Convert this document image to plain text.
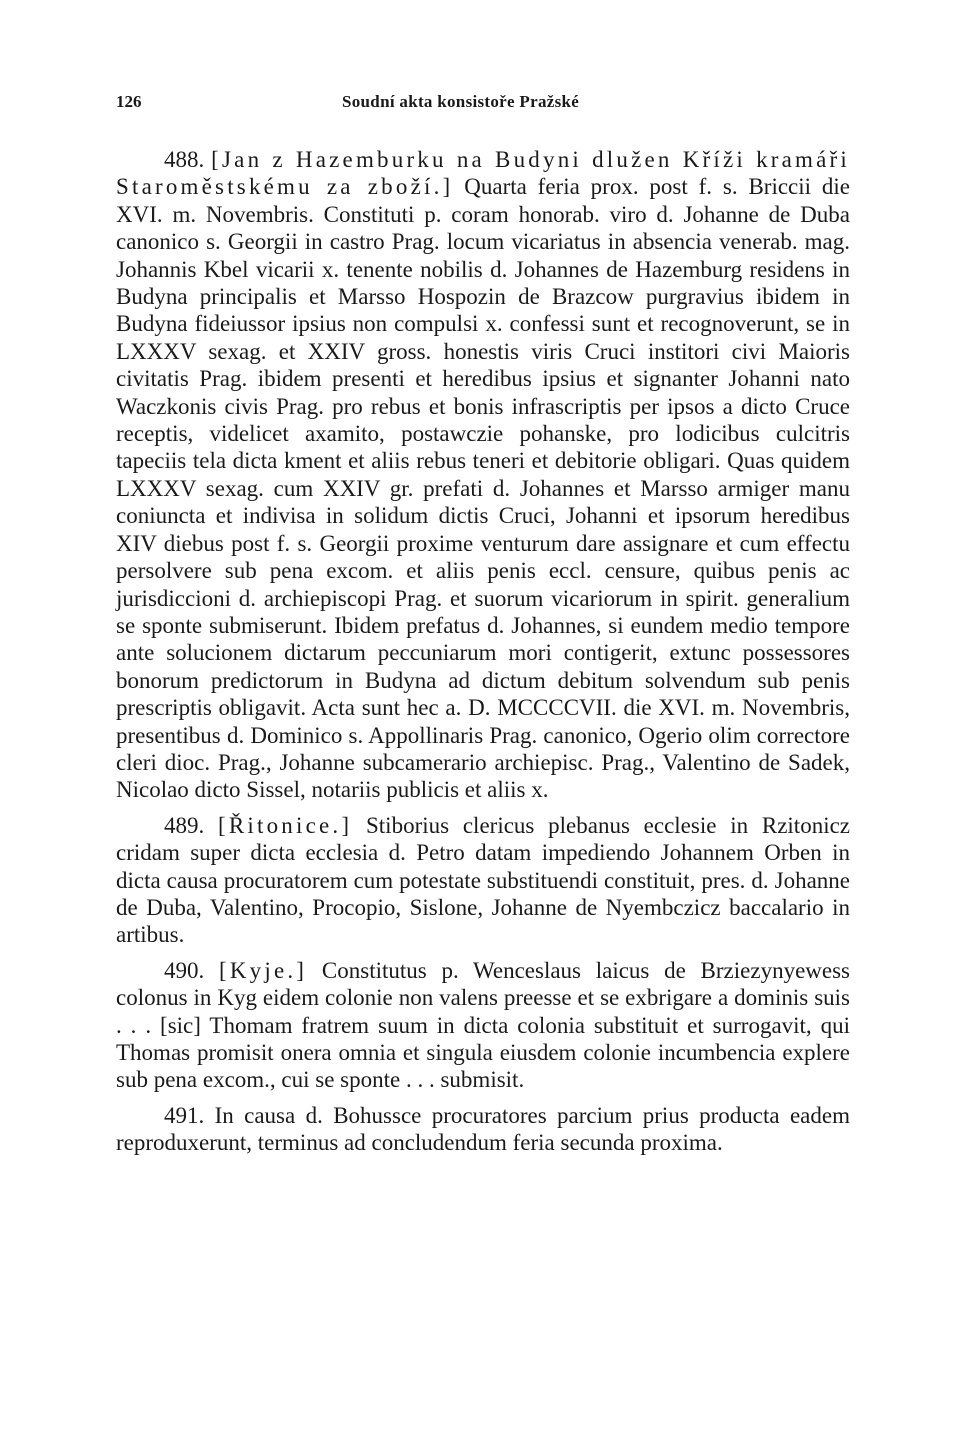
126	Soudní akta konsistoře Pražské

488. [Jan z Hazemburku na Budyni dlužen Kříži kramáři Staroměstskému za zboží.] Quarta feria prox. post f. s. Briccii die XVI. m. Novembris. Constituti p. coram honorab. viro d. Johanne de Duba canonico s. Georgii in castro Prag. locum vicariatus in absencia venerab. mag. Johannis Kbel vicarii x. tenente nobilis d. Johannes de Hazemburg residens in Budyna principalis et Marsso Hospozin de Brazcow purgravius ibidem in Budyna fideiussor ipsius non compulsi x. confessi sunt et recognoverunt, se in LXXXV sexag. et XXIV gross. honestis viris Cruci institori civi Maioris civitatis Prag. ibidem presenti et heredibus ipsius et signanter Johanni nato Waczkonis civis Prag. pro rebus et bonis infrascriptis per ipsos a dicto Cruce receptis, videlicet axamito, postawczie pohanske, pro lodicibus culcitris tapeciis tela dicta kment et aliis rebus teneri et debitorie obligari. Quas quidem LXXXV sexag. cum XXIV gr. prefati d. Johannes et Marsso armiger manu coniuncta et indivisa in solidum dictis Cruci, Johanni et ipsorum heredibus XIV diebus post f. s. Georgii proxime venturum dare assignare et cum effectu persolvere sub pena excom. et aliis penis eccl. censure, quibus penis ac jurisdiccioni d. archiepiscopi Prag. et suorum vicariorum in spirit. generalium se sponte submiserunt. Ibidem prefatus d. Johannes, si eundem medio tempore ante solucionem dictarum peccuniarum mori contigerit, extunc possessores bonorum predictorum in Budyna ad dictum debitum solvendum sub penis prescriptis obligavit. Acta sunt hec a. D. MCCCCVII. die XVI. m. Novembris, presentibus d. Dominico s. Appollinaris Prag. canonico, Ogerio olim correctore cleri dioc. Prag., Johanne subcamerario archiepisc. Prag., Valentino de Sadek, Nicolao dicto Sissel, notariis publicis et aliis x.

489. [Řitonice.] Stiborius clericus plebanus ecclesie in Rzitonicz cridam super dicta ecclesia d. Petro datam impediendo Johannem Orben in dicta causa procuratorem cum potestate substituendi constituit, pres. d. Johanne de Duba, Valentino, Procopio, Sislone, Johanne de Nyembczicz baccalario in artibus.

490. [Kyje.] Constitutus p. Wenceslaus laicus de Brziezynyewess colonus in Kyg eidem colonie non valens preesse et se exbrigare a dominis suis . . . [sic] Thomam fratrem suum in dicta colonia substituit et surrogavit, qui Thomas promisit onera omnia et singula eiusdem colonie incumbencia explere sub pena excom., cui se sponte . . . submisit.

491. In causa d. Bohussce procuratores parcium prius producta eadem reproduxerunt, terminus ad concludendum feria secunda proxima.
